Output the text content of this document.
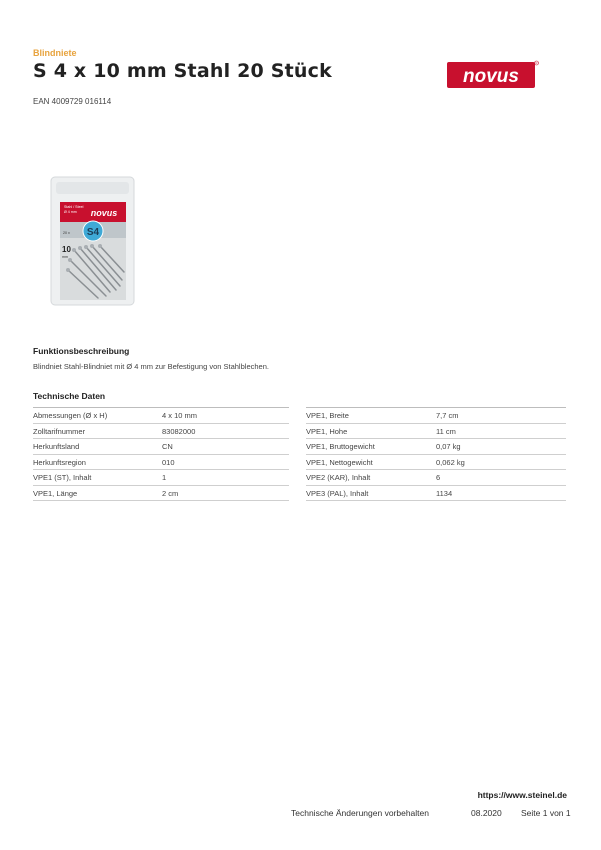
Blindniete
S 4 x 10 mm Stahl 20 Stück	novus
R
EAN 4009729 016114
Stahl / Steel
Ø 4 mm novus
S4
20 x
10
mm
Funktionsbeschreibung
Blindniet Stahl-Blindniet mit Ø 4 mm zur Befestigung von Stahlblechen.
Technische Daten
Abmessungen (Ø x H)	4 x 10 mm
Zolltarifnummer	83082000
Herkunftsland	CN
Herkunftsregion	010
VPE1 (ST), Inhalt	1
VPE1, Länge	2 cm
VPE1, Breite	7,7 cm
VPE1, Hohe	11 cm
VPE1, Bruttogewicht	0,07 kg
VPE1, Nettogewicht	0,062 kg
VPE2 (KAR), Inhalt	6
VPE3 (PAL), Inhalt	1134
https://www.steinel.de
Technische Änderungen vorbehalten	08.2020 Seite 1 von 1
